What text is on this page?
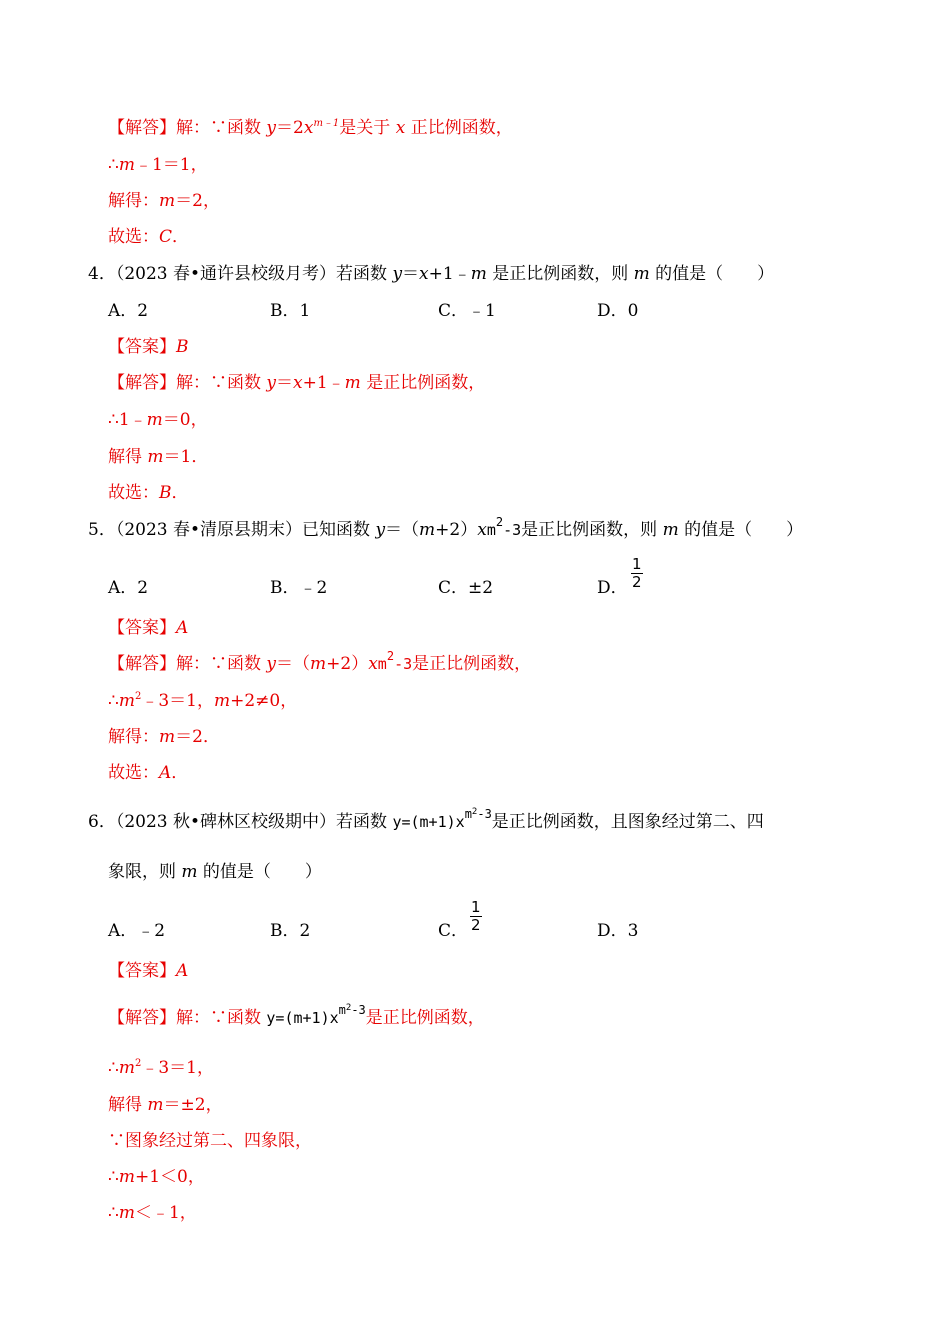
【解答】解：∵函数 $y=2x^{m﹣1}$是关于 x 正比例函数，
∴m﹣1＝1，
解得：m＝2，
故选：C．
4．（2023 春•通许县校级月考）若函数 y＝x+1﹣m 是正比例函数，则 m 的值是（　　）
A．2	B．1	C．﹣1	D．0
【答案】B
【解答】解：∵函数 y＝x+1﹣m 是正比例函数，
∴1﹣m＝0，
解得 m＝1．
故选：B．
5．（2023 春•清原县期末）已知函数 $y=(m+2)xm^2-3$是正比例函数，则 m 的值是（　　）
A．2	B．﹣2	C．±2	D． $\frac{1}{2}$
【答案】A
【解答】解：∵函数 $y=(m+2)xm^2-3$是正比例函数，
$\therefore m^2﹣3=1$，m+2≠0，
解得：m＝2．
故选：A．
6．（2023 秋•碑林区校级期中）若函数 $y=(m+1)x^{m^2-3}$是正比例函数，且图象经过第二、四
象限，则 m 的值是（　　）
A．﹣2	B．2	C． $\frac{1}{2}$	D．3
【答案】A
【解答】解：∵函数 $y=(m+1)x^{m^2-3}$是正比例函数，
$\therefore m^2﹣3=1$，
解得 m＝±2，
∵图象经过第二、四象限，
∴m+1＜0，
∴m＜﹣1，
